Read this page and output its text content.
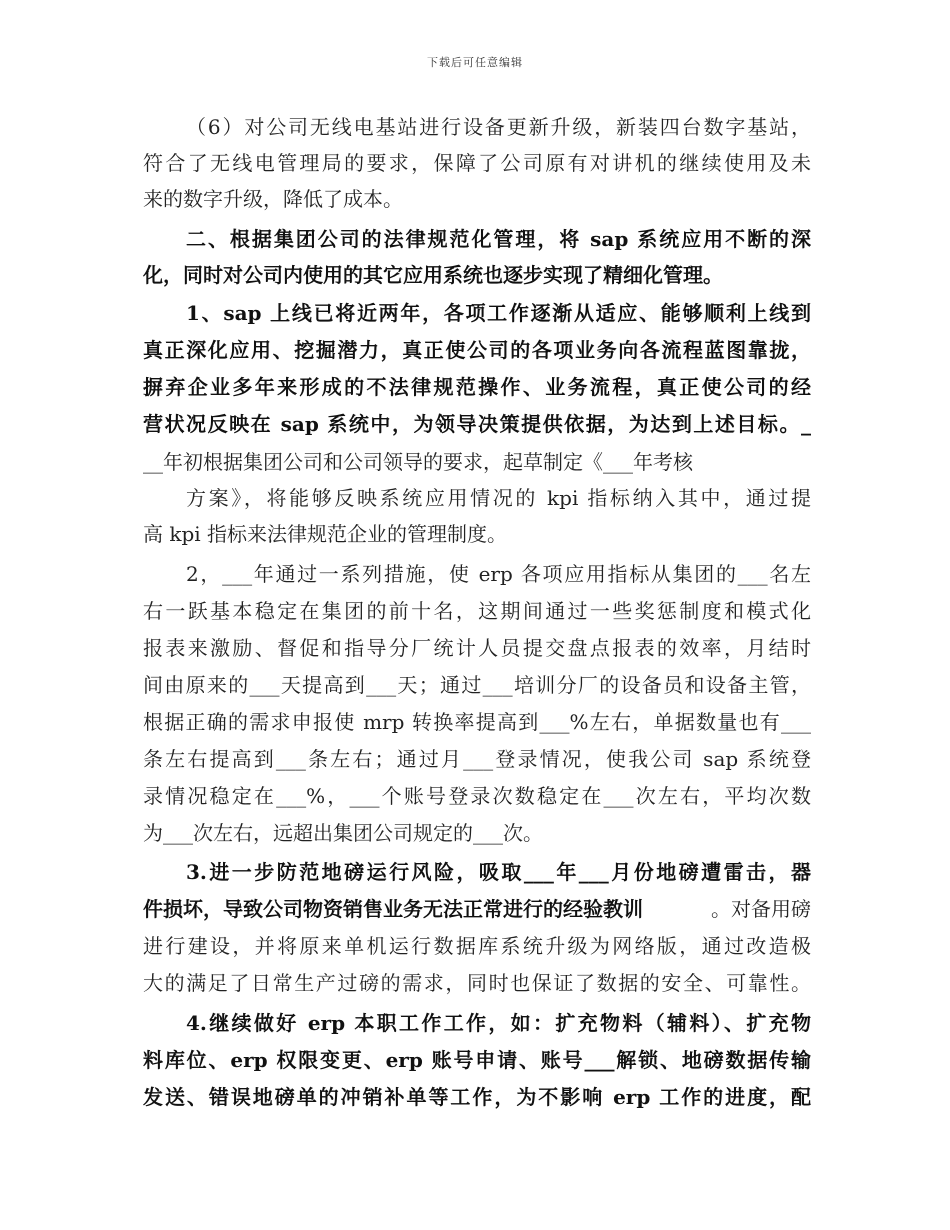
下载后可任意编辑
（6）对公司无线电基站进行设备更新升级，新装四台数字基站，
符合了无线电管理局的要求，保障了公司原有对讲机的继续使用及未
来的数字升级，降低了成本。
二、根据集团公司的法律规范化管理，将 sap 系统应用不断的深
化，同时对公司内使用的其它应用系统也逐步实现了精细化管理。
1、sap 上线已将近两年，各项工作逐渐从适应、能够顺利上线到
真正深化应用、挖掘潜力，真正使公司的各项业务向各流程蓝图靠拢，
摒弃企业多年来形成的不法律规范操作、业务流程，真正使公司的经
营状况反映在 sap 系统中，为领导决策提供依据，为达到上述目标。_
__年初根据集团公司和公司领导的要求，起草制定《___年考核
方案》，将能够反映系统应用情况的 kpi 指标纳入其中，通过提
高 kpi 指标来法律规范企业的管理制度。
2，___年通过一系列措施，使 erp 各项应用指标从集团的___名左
右一跃基本稳定在集团的前十名，这期间通过一些奖惩制度和模式化
报表来激励、督促和指导分厂统计人员提交盘点报表的效率，月结时
间由原来的___天提高到___天；通过___培训分厂的设备员和设备主管，
根据正确的需求申报使 mrp 转换率提高到___%左右，单据数量也有___
条左右提高到___条左右；通过月___登录情况，使我公司 sap 系统登
录情况稳定在___%，___个账号登录次数稳定在___次左右，平均次数
为___次左右，远超出集团公司规定的___次。
3.进一步防范地磅运行风险，吸取___年___月份地磅遭雷击，器
件损坏，导致公司物资销售业务无法正常进行的经验教训	。对备用磅
进行建设，并将原来单机运行数据库系统升级为网络版，通过改造极
大的满足了日常生产过磅的需求，同时也保证了数据的安全、可靠性。
4.继续做好 erp 本职工作工作，如：扩充物料（辅料）、扩充物
料库位、erp 权限变更、erp 账号申请、账号___解锁、地磅数据传输
发送、错误地磅单的冲销补单等工作，为不影响 erp 工作的进度，配
